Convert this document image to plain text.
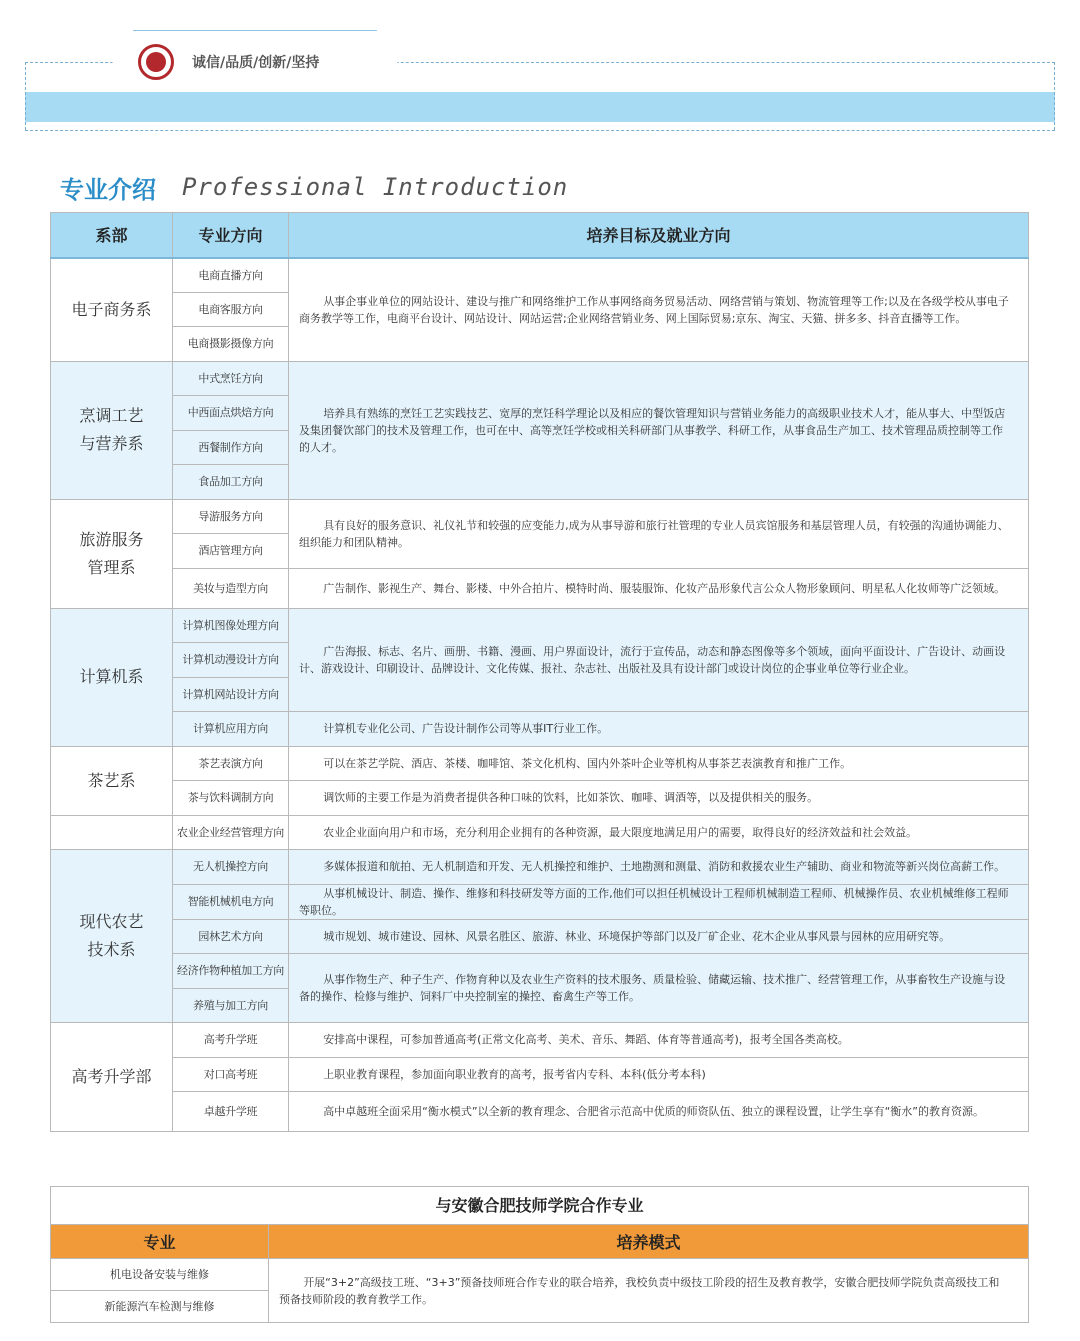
诚信/品质/创新/坚持
专业介绍 Professional Introduction
系部	专业方向	培养目标及就业方向
电子商务系	电商直播方向	从事企事业单位的网站设计、建设与推广和网络维护工作从事网络商务贸易活动、网络营销与策划、物流管理等工作;以及在各级学校从事电子商务教学等工作，电商平台设计、网站设计、网站运营;企业网络营销业务、网上国际贸易;京东、淘宝、天猫、拼多多、抖音直播等工作。
	电商客服方向	
	电商摄影摄像方向	
烹调工艺与营养系	中式烹饪方向	培养具有熟练的烹饪工艺实践技艺、宽厚的烹饪科学理论以及相应的餐饮管理知识与营销业务能力的高级职业技术人才，能从事大、中型饭店及集团餐饮部门的技术及管理工作，也可在中、高等烹饪学校或相关科研部门从事教学、科研工作，从事食品生产加工、技术管理品质控制等工作的人才。
	中西面点烘焙方向	
	西餐制作方向	
	食品加工方向	
旅游服务管理系	导游服务方向	具有良好的服务意识、礼仪礼节和较强的应变能力,成为从事导游和旅行社管理的专业人员宾馆服务和基层管理人员，有较强的沟通协调能力、组织能力和团队精神。
	酒店管理方向	
	美妆与造型方向	广告制作、影视生产、舞台、影楼、中外合拍片、模特时尚、服装服饰、化妆产品形象代言公众人物形象顾问、明星私人化妆师等广泛领域。
计算机系	计算机图像处理方向	广告海报、标志、名片、画册、书籍、漫画、用户界面设计，流行于宣传品，动态和静态图像等多个领域，面向平面设计、广告设计、动画设计、游戏设计、印刷设计、品牌设计、文化传媒、报社、杂志社、出版社及具有设计部门或设计岗位的企事业单位等行业企业。
	计算机动漫设计方向	
	计算机网站设计方向	
	计算机应用方向	计算机专业化公司、广告设计制作公司等从事IT行业工作。
茶艺系	茶艺表演方向	可以在茶艺学院、酒店、茶楼、咖啡馆、茶文化机构、国内外茶叶企业等机构从事茶艺表演教育和推广工作。
	茶与饮料调制方向	调饮师的主要工作是为消费者提供各种口味的饮料，比如茶饮、咖啡、调酒等，以及提供相关的服务。
	农业企业经营管理方向	农业企业面向用户和市场，充分利用企业拥有的各种资源，最大限度地满足用户的需要，取得良好的经济效益和社会效益。
现代农艺技术系	无人机操控方向	多媒体报道和航拍、无人机制造和开发、无人机操控和维护、土地勘测和测量、消防和救援农业生产辅助、商业和物流等新兴岗位高薪工作。
	智能机械机电方向	从事机械设计、制造、操作、维修和科技研发等方面的工作,他们可以担任机械设计工程师机械制造工程师、机械操作员、农业机械维修工程师等职位。
	园林艺术方向	城市规划、城市建设、园林、风景名胜区、旅游、林业、环境保护等部门以及厂矿企业、花木企业从事风景与园林的应用研究等。
	经济作物种植加工方向	从事作物生产、种子生产、作物育种以及农业生产资料的技术服务、质量检验、储藏运输、技术推广、经营管理工作，从事畜牧生产设施与设备的操作、检修与维护、饲料厂中央控制室的操控、畜禽生产等工作。
	养殖与加工方向	
高考升学部	高考升学班	安排高中课程，可参加普通高考(正常文化高考、美术、音乐、舞蹈、体育等普通高考)，报考全国各类高校。
	对口高考班	上职业教育课程，参加面向职业教育的高考，报考省内专科、本科(低分考本科)
	卓越升学班	高中卓越班全面采用“衡水模式”以全新的教育理念、合肥省示范高中优质的师资队伍、独立的课程设置，让学生享有“衡水”的教育资源。
与安徽合肥技师学院合作专业	
专业	培养模式
机电设备安装与维修	开展“3+2”高级技工班、“3+3”预备技师班合作专业的联合培养，我校负责中级技工阶段的招生及教育教学，安徽合肥技师学院负责高级技工和预备技师阶段的教育教学工作。
新能源汽车检测与维修	
